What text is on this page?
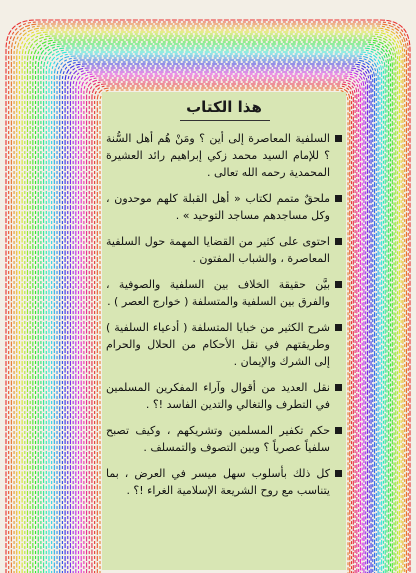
هذا الكتاب
السلفية المعاصرة إلى أين ؟ ومَنْ هُم أهل السُّنة ؟ للإمام السيد محمد زكي إبراهيم رائد العشيرة المحمدية رحمه الله تعالى .
ملحقٌ متمم لكتاب « أهل القبلة كلهم موحدون ، وكل مساجدهم مساجد التوحيد » .
احتوى على كثير من القضايا المهمة حول السلفية المعاصرة ، والشباب المفتون .
بيَّن حقيقة الخلاف بين السلفية والصوفية ، والفرق بين السلفية والمتسلفة ( خوارج العصر ) .
شرح الكثير من خبايا المتسلفة ( أدعياء السلفية ) وطريقتهم في نقل الأحكام من الحلال والحرام إلى الشرك والإيمان .
نقل العديد من أقوال وآراء المفكرين المسلمين في التطرف والتغالي والتدين الفاسد !؟ .
حكم تكفير المسلمين وتشريكهم ، وكيف تصبح سلفياً عصرياً ؟ وبين التصوف والتمسلف .
كل ذلك بأسلوب سهل ميسر في العرض ، بما يتناسب مع روح الشريعة الإسلامية الغراء !؟ .
